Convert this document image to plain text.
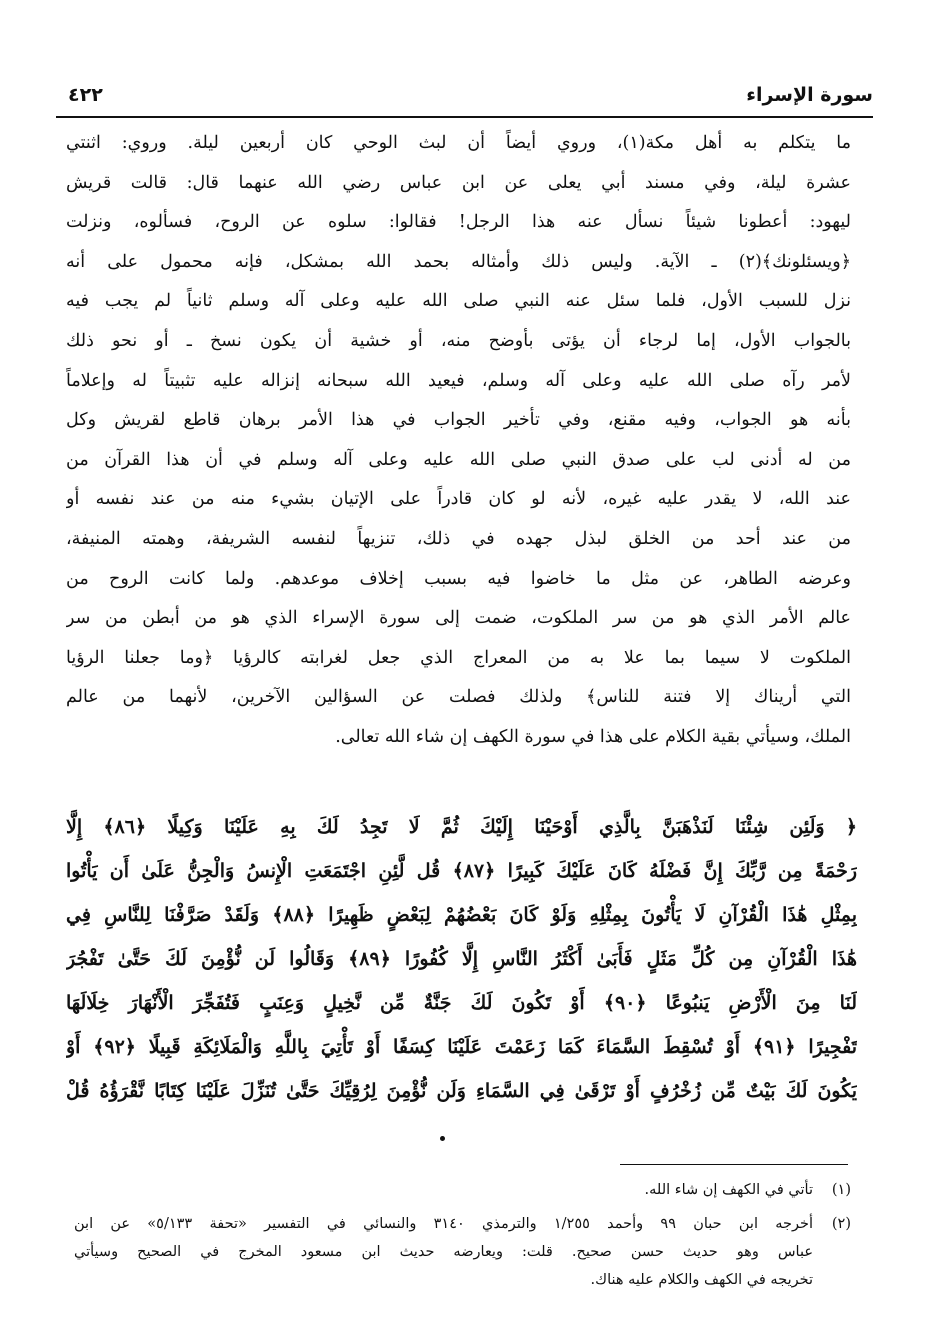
سورة الإسراء
٤٢٢
ما يتكلم به أهل مكة(١)، وروي أيضاً أن لبث الوحي كان أربعين ليلة. وروي: اثنتي
عشرة ليلة، وفي مسند أبي يعلى عن ابن عباس رضي الله عنهما قال: قالت قريش
ليهود: أعطونا شيئاً نسأل عنه هذا الرجل! فقالوا: سلوه عن الروح، فسألوه، ونزلت
﴿ويسئلونك﴾(٢) ـ الآية. وليس ذلك وأمثاله بحمد الله بمشكل، فإنه محمول على أنه
نزل للسبب الأول، فلما سئل عنه النبي صلى الله عليه وعلى آله وسلم ثانياً لم يجب فيه
بالجواب الأول، إما لرجاء أن يؤتى بأوضح منه، أو خشية أن يكون نسخ ـ أو نحو ذلك
لأمر رآه صلى الله عليه وعلى آله وسلم، فيعيد الله سبحانه إنزاله عليه تثبيتاً له وإعلاماً
بأنه هو الجواب، وفيه مقنع، وفي تأخير الجواب في هذا الأمر برهان قاطع لقريش وكل
من له أدنى لب على صدق النبي صلى الله عليه وعلى آله وسلم في أن هذا القرآن من
عند الله، لا يقدر عليه غيره، لأنه لو كان قادراً على الإتيان بشيء منه من عند نفسه أو
من عند أحد من الخلق لبذل جهده في ذلك، تنزيهاً لنفسه الشريفة، وهمته المنيفة،
وعرضه الطاهر، عن مثل ما خاضوا فيه بسبب إخلاف موعدهم. ولما كانت الروح من
عالم الأمر الذي هو من سر الملكوت، ضمت إلى سورة الإسراء الذي هو من أبطن من سر
الملكوت لا سيما بما علا به من المعراج الذي جعل لغرابته كالرؤيا ﴿وما جعلنا الرؤيا
التي أريناك إلا فتنة للناس﴾ ولذلك فصلت عن السؤالين الآخرين، لأنهما من عالم
الملك، وسيأتي بقية الكلام على هذا في سورة الكهف إن شاء الله تعالى.
﴿ وَلَئِن شِئْنَا لَنَذْهَبَنَّ بِالَّذِي أَوْحَيْنَا إِلَيْكَ ثُمَّ لَا تَجِدُ لَكَ بِهِ عَلَيْنَا وَكِيلًا ﴿٨٦﴾ إِلَّا
رَحْمَةً مِن رَّبِّكَ إِنَّ فَضْلَهُ كَانَ عَلَيْكَ كَبِيرًا ﴿٨٧﴾ قُل لَّئِنِ اجْتَمَعَتِ الْإِنسُ وَالْجِنُّ عَلَىٰ أَن يَأْتُوا
بِمِثْلِ هَٰذَا الْقُرْآنِ لَا يَأْتُونَ بِمِثْلِهِ وَلَوْ كَانَ بَعْضُهُمْ لِبَعْضٍ ظَهِيرًا ﴿٨٨﴾ وَلَقَدْ صَرَّفْنَا لِلنَّاسِ فِي
هَٰذَا الْقُرْآنِ مِن كُلِّ مَثَلٍ فَأَبَىٰ أَكْثَرُ النَّاسِ إِلَّا كُفُورًا ﴿٨٩﴾ وَقَالُوا لَن نُّؤْمِنَ لَكَ حَتَّىٰ تَفْجُرَ
لَنَا مِنَ الْأَرْضِ يَنبُوعًا ﴿٩٠﴾ أَوْ تَكُونَ لَكَ جَنَّةٌ مِّن نَّخِيلٍ وَعِنَبٍ فَتُفَجِّرَ الْأَنْهَارَ خِلَالَهَا
تَفْجِيرًا ﴿٩١﴾ أَوْ تُسْقِطَ السَّمَاءَ كَمَا زَعَمْتَ عَلَيْنَا كِسَفًا أَوْ تَأْتِيَ بِاللَّهِ وَالْمَلَائِكَةِ قَبِيلًا ﴿٩٢﴾ أَوْ
يَكُونَ لَكَ بَيْتٌ مِّن زُخْرُفٍ أَوْ تَرْقَىٰ فِي السَّمَاءِ وَلَن نُّؤْمِنَ لِرُقِيِّكَ حَتَّىٰ تُنَزِّلَ عَلَيْنَا كِتَابًا نَّقْرَؤُهُ قُلْ
(١)
تأتي في الكهف إن شاء الله.
(٢)
أخرجه ابن حبان ٩٩ وأحمد ١/٢٥٥ والترمذي ٣١٤٠ والنسائي في التفسير «تحفة ٥/١٣٣» عن ابن
عباس وهو حديث حسن صحيح. قلت: ويعارضه حديث ابن مسعود المخرج في الصحيح وسيأتي
تخريجه في الكهف والكلام عليه هناك.
